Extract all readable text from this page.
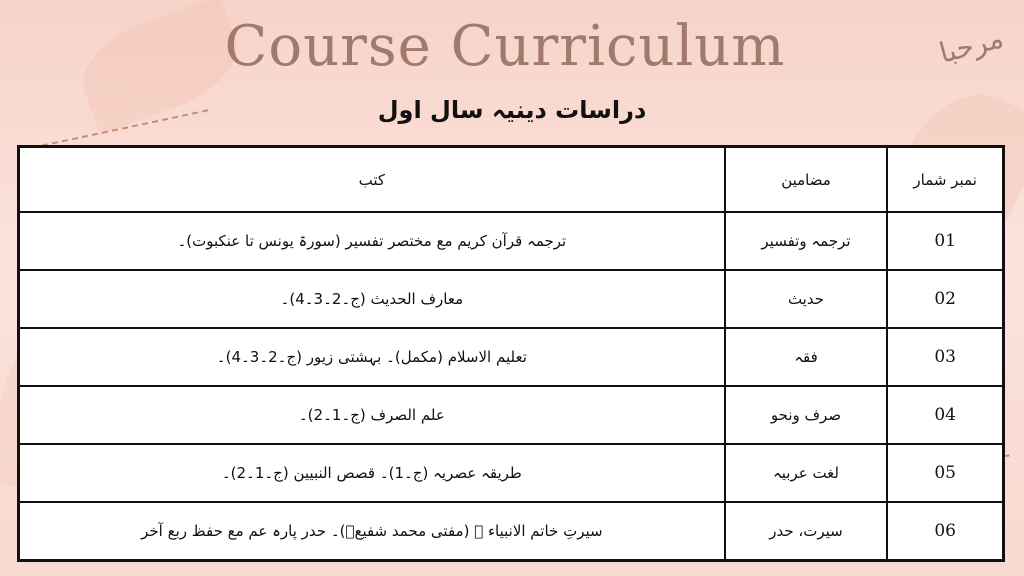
Course Curriculum	مرحبا
دراسات دینیہ سال اول
کتب	مضامین	نمبر شمار
ترجمہ قرآن کریم مع مختصر تفسیر (سورۃ یونس تا عنکبوت)۔	ترجمہ وتفسیر	01
معارف الحدیث (ج۔2۔3۔4)۔	حدیث	02
تعلیم الاسلام (مکمل)۔ بہشتی زیور (ج۔2۔3۔4)۔	فقہ	03
علم الصرف (ج۔1۔2)۔	صرف ونحو	04
طریقہ عصریہ (ج۔1)۔ قصص النبیین (ج۔1۔2)۔	لغت عربیہ	05
سیرتِ خاتم الانبیاء ﷺ (مفتی محمد شفیعؒ)۔ حدر پارہ عم مع حفظ ربع آخر	سیرت، حدر	06
